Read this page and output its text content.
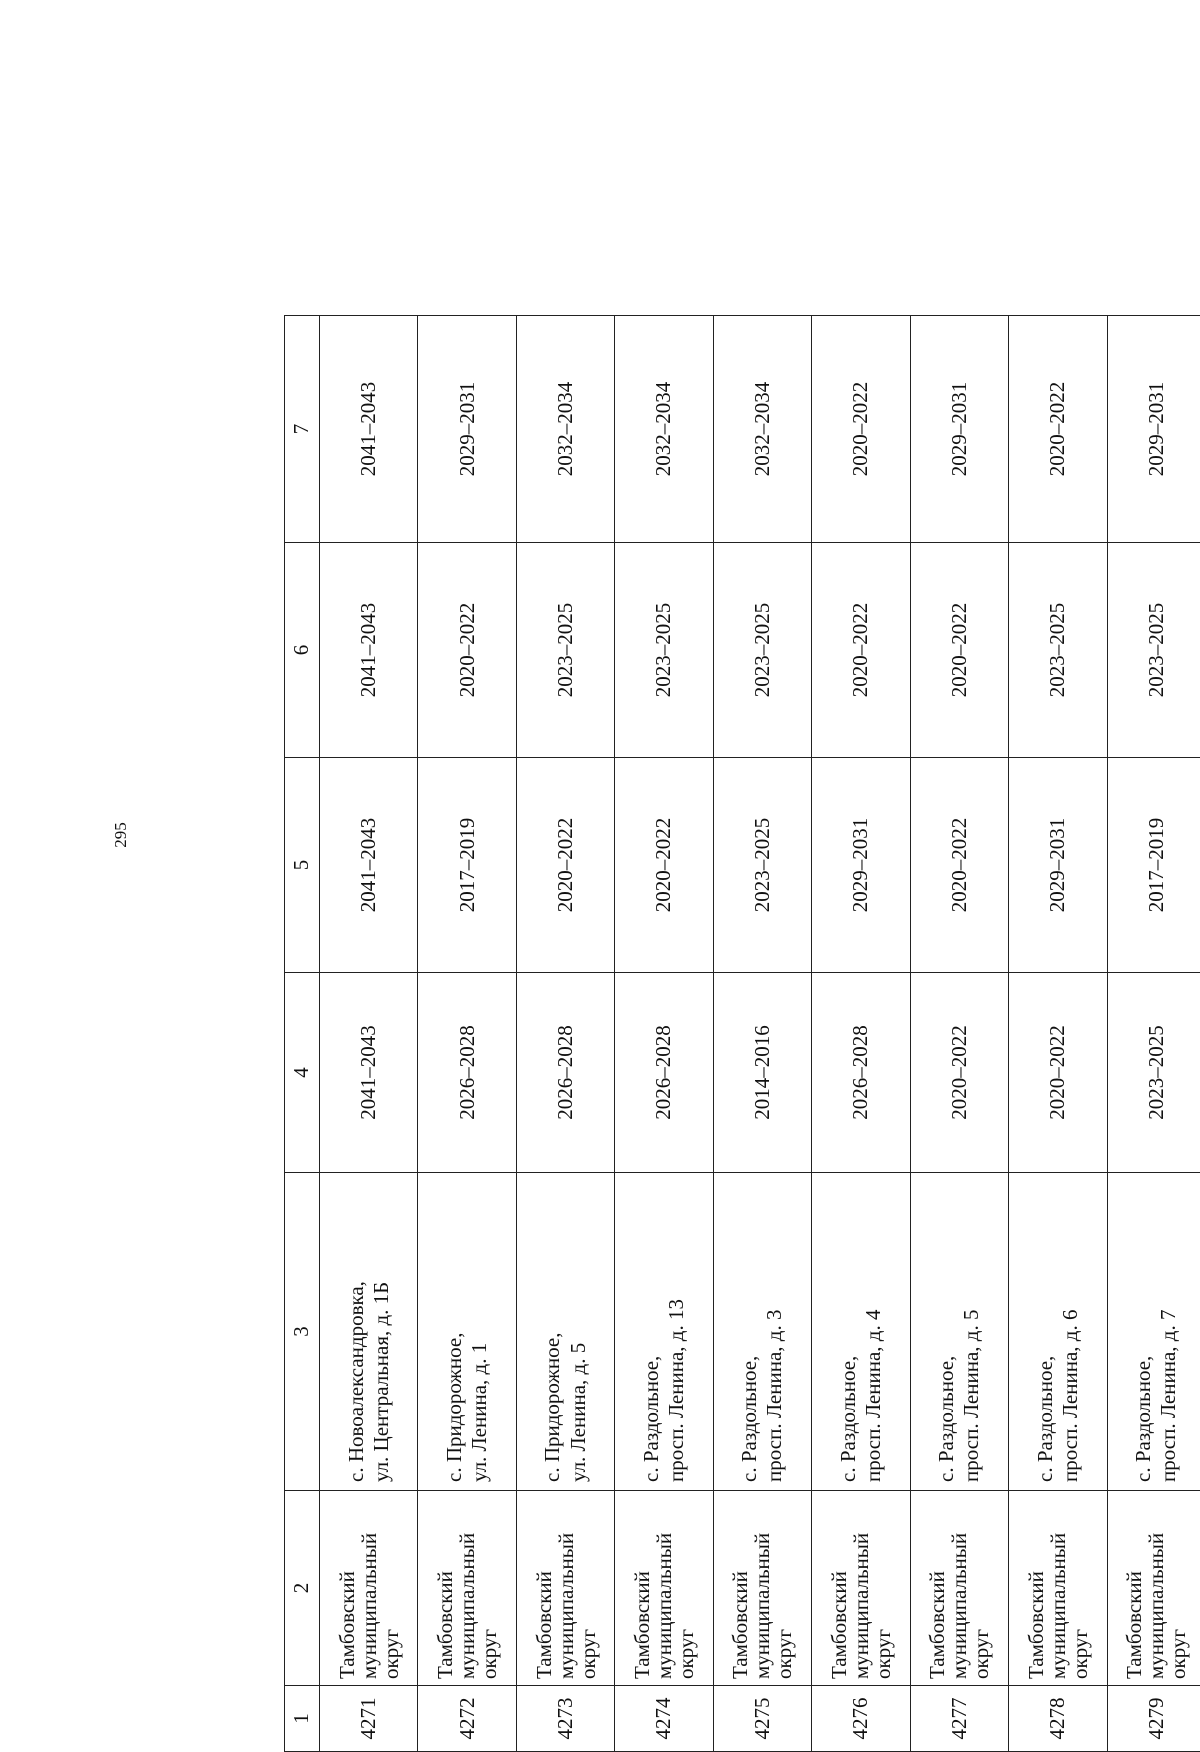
295
1	2	3	4	5	6	7
4271	Тамбовский
муниципальный
округ	с. Новоалександровка, ул. Центральная, д. 1Б	2041–2043	2041–2043	2041–2043	2041–2043
4272	Тамбовский
муниципальный
округ	с. Придорожное, ул. Ленина, д. 1	2026–2028	2017–2019	2020–2022	2029–2031
4273	Тамбовский
муниципальный
округ	с. Придорожное, ул. Ленина, д. 5	2026–2028	2020–2022	2023–2025	2032–2034
4274	Тамбовский
муниципальный
округ	с. Раздольное, просп. Ленина, д. 13	2026–2028	2020–2022	2023–2025	2032–2034
4275	Тамбовский
муниципальный
округ	с. Раздольное, просп. Ленина, д. 3	2014–2016	2023–2025	2023–2025	2032–2034
4276	Тамбовский
муниципальный
округ	с. Раздольное, просп. Ленина, д. 4	2026–2028	2029–2031	2020–2022	2020–2022
4277	Тамбовский
муниципальный
округ	с. Раздольное, просп. Ленина, д. 5	2020–2022	2020–2022	2020–2022	2029–2031
4278	Тамбовский
муниципальный
округ	с. Раздольное, просп. Ленина, д. 6	2020–2022	2029–2031	2023–2025	2020–2022
4279	Тамбовский
муниципальный
округ	с. Раздольное, просп. Ленина, д. 7	2023–2025	2017–2019	2023–2025	2029–2031
